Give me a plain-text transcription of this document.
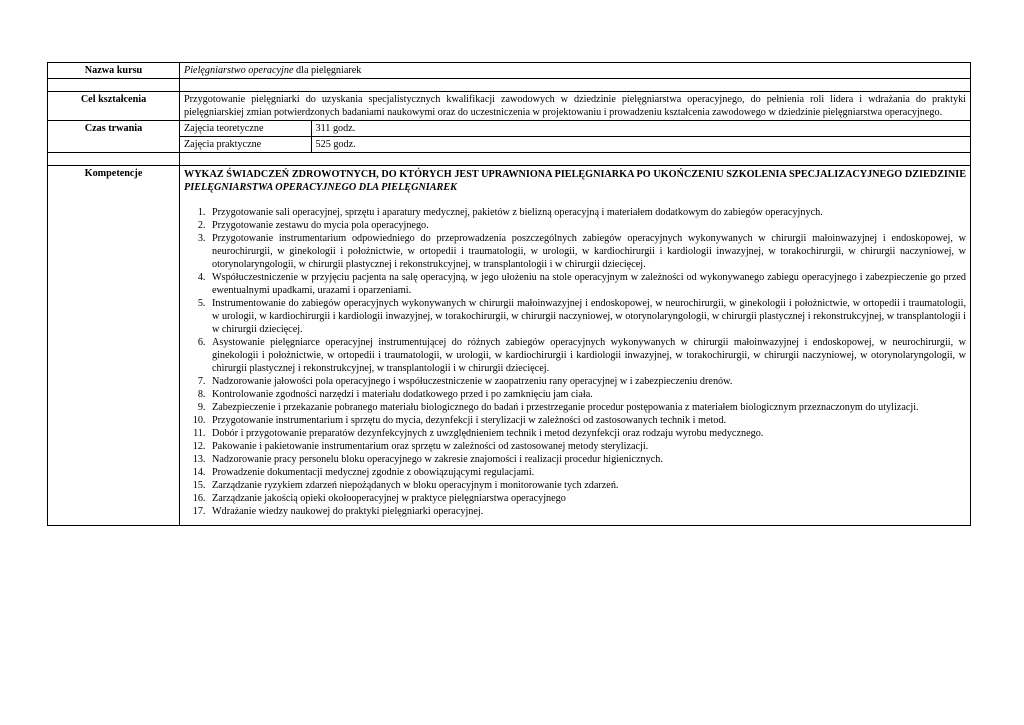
Nazwa kursu	Pielęgniarstwo operacyjne dla pielęgniarek

Cel kształcenia	Przygotowanie pielęgniarki do uzyskania specjalistycznych kwalifikacji zawodowych w dziedzinie pielęgniarstwa operacyjnego, do pełnienia roli lidera i wdrażania do praktyki pielęgniarskiej zmian potwierdzonych badaniami naukowymi oraz do uczestniczenia w projektowaniu i prowadzeniu kształcenia zawodowego w dziedzinie pielęgniarstwa operacyjnego.
Czas trwania		Zajęcia teoretyczne	311 godz.

Zajęcia praktyczne	525 godz.

Kompetencje	WYKAZ ŚWIADCZEŃ ZDROWOTNYCH, DO KTÓRYCH JEST UPRAWNIONA PIELĘGNIARKA PO UKOŃCZENIU SZKOLENIA SPECJALIZACYJNEGO DZIEDZINIE PIELĘGNIARSTWA OPERACYJNEGO DLA PIELĘGNIAREK
1. Przygotowanie sali operacyjnej, sprzętu i aparatury medycznej, pakietów z bielizną operacyjną i materiałem dodatkowym do zabiegów operacyjnych.
2. Przygotowanie zestawu do mycia pola operacyjnego.
3. Przygotowanie instrumentarium odpowiedniego do przeprowadzenia poszczególnych zabiegów operacyjnych wykonywanych w chirurgii małoinwazyjnej i endoskopowej, w neurochirurgii, w ginekologii i położnictwie, w ortopedii i traumatologii, w urologii, w kardiochirurgii i kardiologii inwazyjnej, w torakochirurgii, w chirurgii naczyniowej, w otorynolaryngologii, w chirurgii plastycznej i rekonstrukcyjnej, w transplantologii i w chirurgii dziecięcej.
4. Współuczestniczenie w przyjęciu pacjenta na salę operacyjną, w jego ułożeniu na stole operacyjnym w zależności od wykonywanego zabiegu operacyjnego i zabezpieczenie go przed ewentualnymi upadkami, urazami i oparzeniami.
5. Instrumentowanie do zabiegów operacyjnych wykonywanych w chirurgii małoinwazyjnej i endoskopowej, w neurochirurgii, w ginekologii i położnictwie, w ortopedii i traumatologii, w urologii, w kardiochirurgii i kardiologii inwazyjnej, w torakochirurgii, w chirurgii naczyniowej, w otorynolaryngologii, w chirurgii plastycznej i rekonstrukcyjnej, w transplantologii i w chirurgii dziecięcej.
6. Asystowanie pielęgniarce operacyjnej instrumentującej do różnych zabiegów operacyjnych wykonywanych w chirurgii małoinwazyjnej i endoskopowej, w neurochirurgii, w ginekologii i położnictwie, w ortopedii i traumatologii, w urologii, w kardiochirurgii i kardiologii inwazyjnej, w torakochirurgii, w chirurgii naczyniowej, w otorynolaryngologii, w chirurgii plastycznej i rekonstrukcyjnej, w transplantologii i w chirurgii dziecięcej.
7. Nadzorowanie jałowości pola operacyjnego i współuczestniczenie w zaopatrzeniu rany operacyjnej w i zabezpieczeniu drenów.
8. Kontrolowanie zgodności narzędzi i materiału dodatkowego przed i po zamknięciu jam ciała.
9. Zabezpieczenie i przekazanie pobranego materiału biologicznego do badań i przestrzeganie procedur postępowania z materiałem biologicznym przeznaczonym do utylizacji.
10. Przygotowanie instrumentarium i sprzętu do mycia, dezynfekcji i sterylizacji w zależności od zastosowanych technik i metod.
11. Dobór i przygotowanie preparatów dezynfekcyjnych z uwzględnieniem technik i metod dezynfekcji oraz rodzaju wyrobu medycznego.
12. Pakowanie i pakietowanie instrumentarium oraz sprzętu w zależności od zastosowanej metody sterylizacji.
13. Nadzorowanie pracy personelu bloku operacyjnego w zakresie znajomości i realizacji procedur higienicznych.
14. Prowadzenie dokumentacji medycznej zgodnie z obowiązującymi regulacjami.
15. Zarządzanie ryzykiem zdarzeń niepożądanych w bloku operacyjnym i monitorowanie tych zdarzeń.
16. Zarządzanie jakością opieki okołooperacyjnej w praktyce pielęgniarstwa operacyjnego
17. Wdrażanie wiedzy naukowej do praktyki pielęgniarki operacyjnej.
